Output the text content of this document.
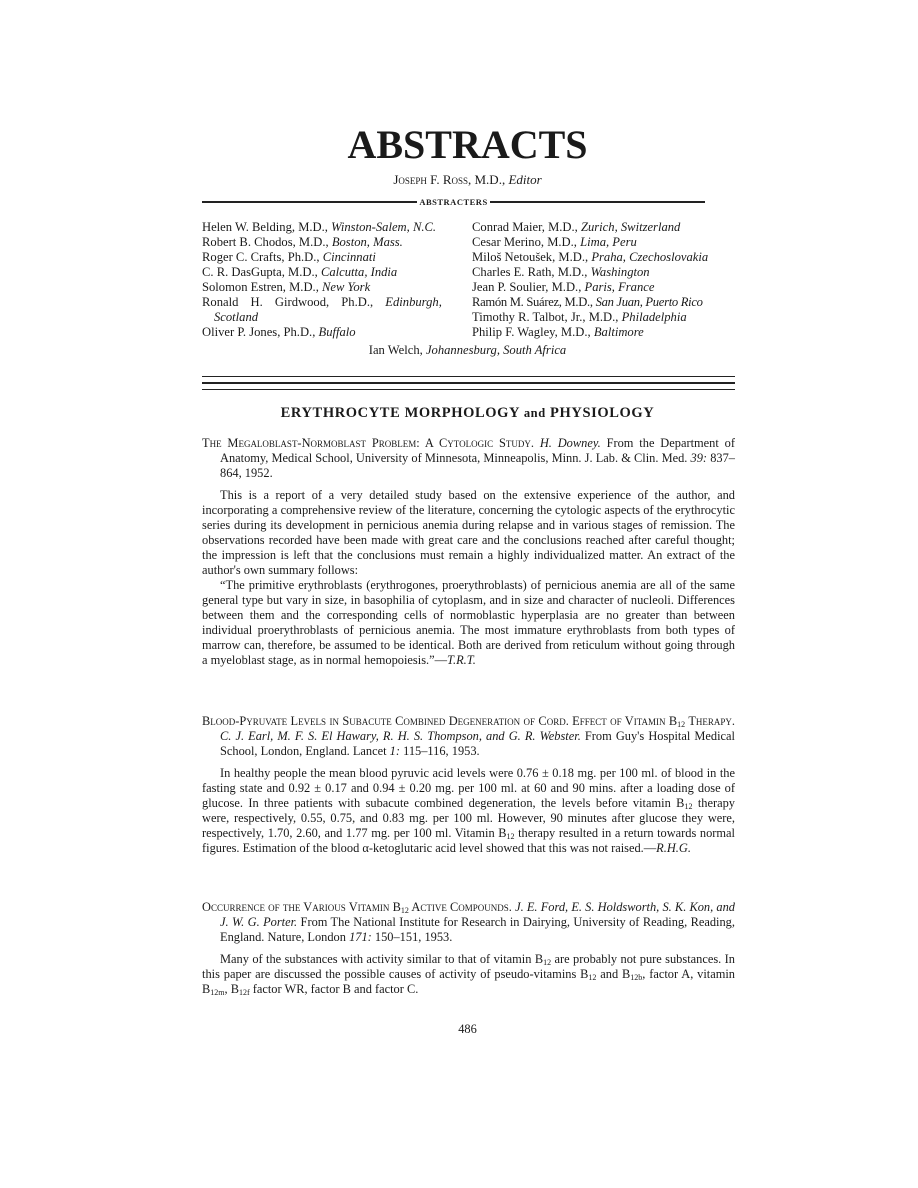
ABSTRACTS
Joseph F. Ross, M.D., Editor
ABSTRACTERS
Helen W. Belding, M.D., Winston-Salem, N.C.
Robert B. Chodos, M.D., Boston, Mass.
Roger C. Crafts, Ph.D., Cincinnati
C. R. DasGupta, M.D., Calcutta, India
Solomon Estren, M.D., New York
Ronald H. Girdwood, Ph.D., Edinburgh,
Scotland
Oliver P. Jones, Ph.D., Buffalo
Conrad Maier, M.D., Zurich, Switzerland
Cesar Merino, M.D., Lima, Peru
Miloš Netoušek, M.D., Praha, Czechoslovakia
Charles E. Rath, M.D., Washington
Jean P. Soulier, M.D., Paris, France
Ramón M. Suárez, M.D., San Juan, Puerto Rico
Timothy R. Talbot, Jr., M.D., Philadelphia
Philip F. Wagley, M.D., Baltimore
Ian Welch, Johannesburg, South Africa
ERYTHROCYTE MORPHOLOGY and PHYSIOLOGY
The Megaloblast-Normoblast Problem: A Cytologic Study. H. Downey. From the Department of Anatomy, Medical School, University of Minnesota, Minneapolis, Minn. J. Lab. & Clin. Med. 39: 837–864, 1952.
This is a report of a very detailed study based on the extensive experience of the author, and incorporating a comprehensive review of the literature, concerning the cytologic aspects of the erythrocytic series during its development in pernicious anemia during relapse and in various stages of remission. The observations recorded have been made with great care and the conclusions reached after careful thought; the impression is left that the conclusions must remain a highly individualized matter. An extract of the author's own summary follows:
“The primitive erythroblasts (erythrogones, proerythroblasts) of pernicious anemia are all of the same general type but vary in size, in basophilia of cytoplasm, and in size and character of nucleoli. Differences between them and the corresponding cells of normoblastic hyperplasia are no greater than between individual proerythroblasts of pernicious anemia. The most immature erythroblasts from both types of marrow can, therefore, be assumed to be identical. Both are derived from reticulum without going through a myeloblast stage, as in normal hemopoiesis.”—T.R.T.
Blood-Pyruvate Levels in Subacute Combined Degeneration of Cord. Effect of Vitamin $B_{12}$ Therapy. C. J. Earl, M. F. S. El Hawary, R. H. S. Thompson, and G. R. Webster. From Guy's Hospital Medical School, London, England. Lancet 1: 115–116, 1953.
In healthy people the mean blood pyruvic acid levels were 0.76 ± 0.18 mg. per 100 ml. of blood in the fasting state and 0.92 ± 0.17 and 0.94 ± 0.20 mg. per 100 ml. at 60 and 90 mins. after a loading dose of glucose. In three patients with subacute combined degeneration, the levels before vitamin $B_{12}$ therapy were, respectively, 0.55, 0.75, and 0.83 mg. per 100 ml. However, 90 minutes after glucose they were, respectively, 1.70, 2.60, and 1.77 mg. per 100 ml. Vitamin $B_{12}$ therapy resulted in a return towards normal figures. Estimation of the blood α-ketoglutaric acid level showed that this was not raised.—R.H.G.
Occurrence of the Various Vitamin $B_{12}$ Active Compounds. J. E. Ford, E. S. Holdsworth, S. K. Kon, and J. W. G. Porter. From The National Institute for Research in Dairying, University of Reading, Reading, England. Nature, London 171: 150–151, 1953.
Many of the substances with activity similar to that of vitamin $B_{12}$ are probably not pure substances. In this paper are discussed the possible causes of activity of pseudo-vitamins $B_{12}$ and $B_{12b}$, factor A, vitamin $B_{12m}$, $B_{12f}$ factor WR, factor B and factor C.
486
